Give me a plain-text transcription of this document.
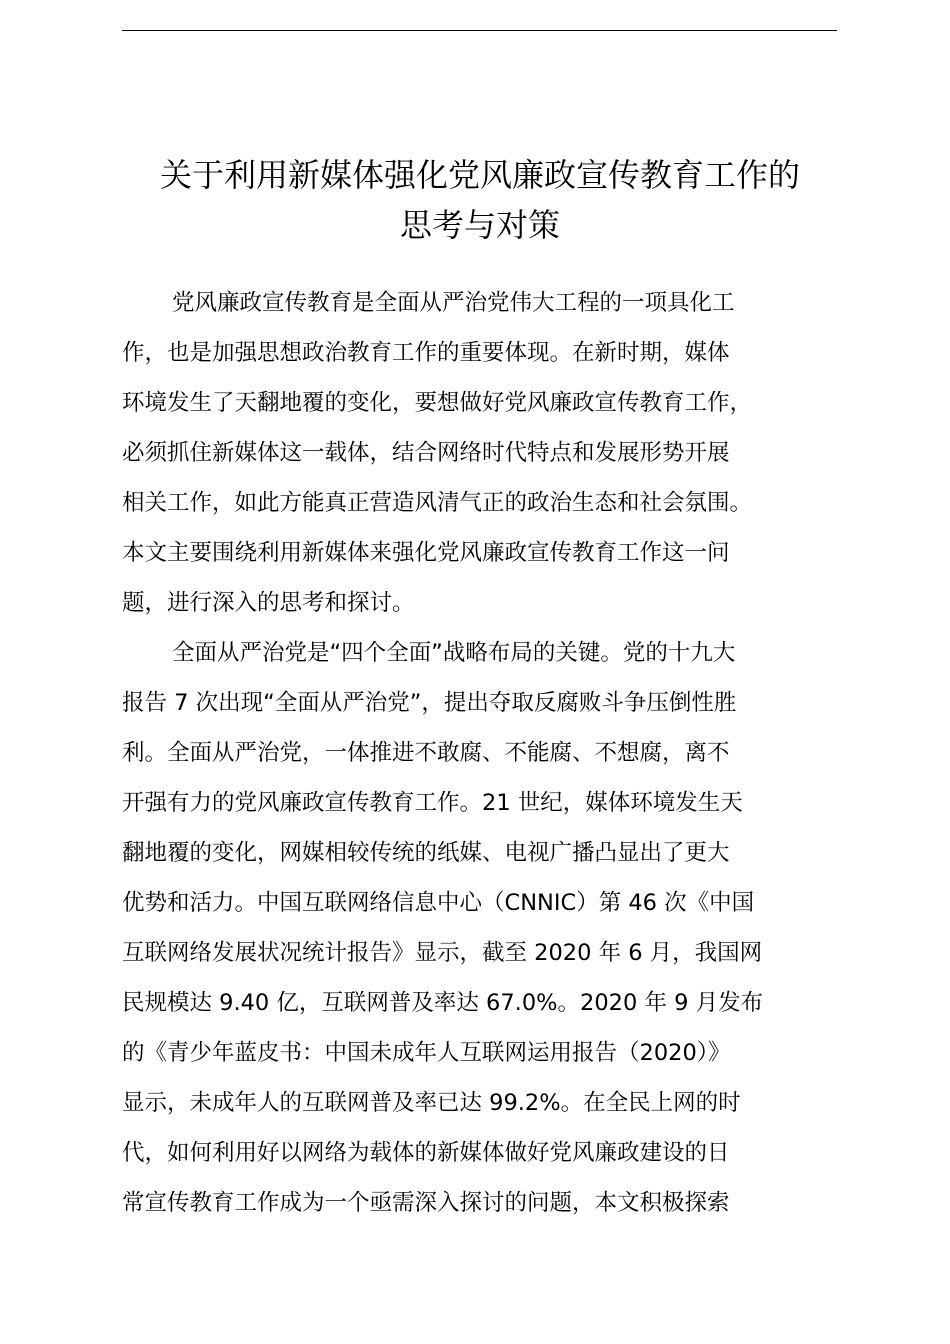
关于利用新媒体强化党风廉政宣传教育工作的
思考与对策

党风廉政宣传教育是全面从严治党伟大工程的一项具化工
作，也是加强思想政治教育工作的重要体现。在新时期，媒体
环境发生了天翻地覆的变化，要想做好党风廉政宣传教育工作，
必须抓住新媒体这一载体，结合网络时代特点和发展形势开展
相关工作，如此方能真正营造风清气正的政治生态和社会氛围。
本文主要围绕利用新媒体来强化党风廉政宣传教育工作这一问
题，进行深入的思考和探讨。

全面从严治党是“四个全面”战略布局的关键。党的十九大
报告 7 次出现“全面从严治党”，提出夺取反腐败斗争压倒性胜
利。全面从严治党，一体推进不敢腐、不能腐、不想腐，离不
开强有力的党风廉政宣传教育工作。21 世纪，媒体环境发生天
翻地覆的变化，网媒相较传统的纸媒、电视广播凸显出了更大
优势和活力。中国互联网络信息中心（CNNIC）第 46 次《中国
互联网络发展状况统计报告》显示，截至 2020 年 6 月，我国网
民规模达 9.40 亿，互联网普及率达 67.0%。2020 年 9 月发布
的《青少年蓝皮书：中国未成年人互联网运用报告（2020）》
显示，未成年人的互联网普及率已达 99.2%。在全民上网的时
代，如何利用好以网络为载体的新媒体做好党风廉政建设的日
常宣传教育工作成为一个亟需深入探讨的问题，本文积极探索
